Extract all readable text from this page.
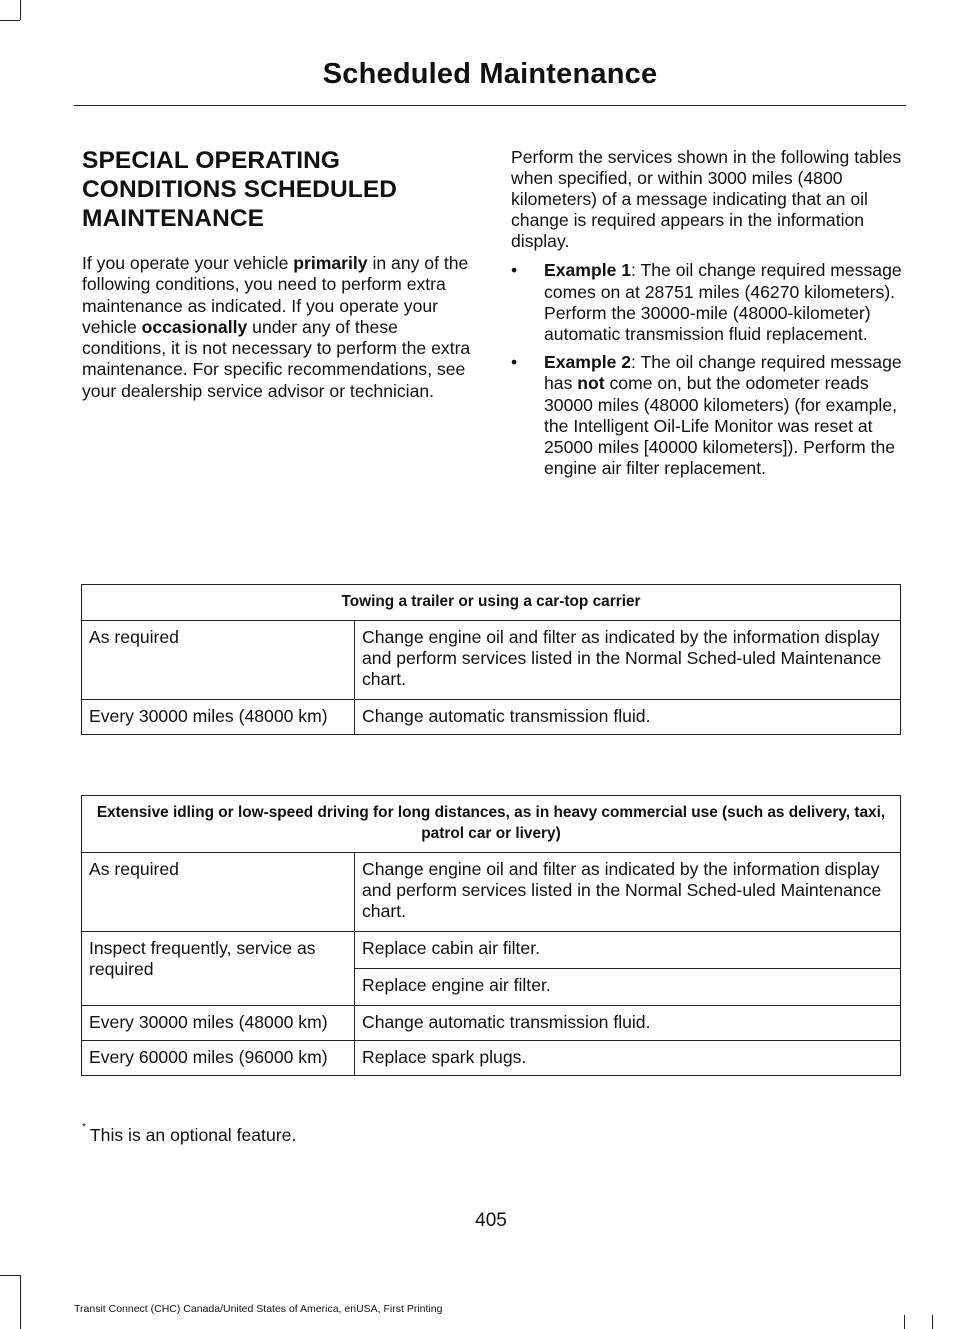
Scheduled Maintenance
SPECIAL OPERATING CONDITIONS SCHEDULED MAINTENANCE

If you operate your vehicle primarily in any of the following conditions, you need to perform extra maintenance as indicated. If you operate your vehicle occasionally under any of these conditions, it is not necessary to perform the extra maintenance. For specific recommendations, see your dealership service advisor or technician.

Perform the services shown in the following tables when specified, or within 3000 miles (4800 kilometers) of a message indicating that an oil change is required appears in the information display.

• Example 1: The oil change required message comes on at 28751 miles (46270 kilometers). Perform the 30000-mile (48000-kilometer) automatic transmission fluid replacement.
• Example 2: The oil change required message has not come on, but the odometer reads 30000 miles (48000 kilometers) (for example, the Intelligent Oil-Life Monitor was reset at 25000 miles [40000 kilometers]). Perform the engine air filter replacement.
Towing a trailer or using a car-top carrier	
As required	Change engine oil and filter as indicated by the information display and perform services listed in the Normal Sched-uled Maintenance chart.
Every 30000 miles (48000 km)	Change automatic transmission fluid.
Extensive idling or low-speed driving for long distances, as in heavy commercial use (such as delivery, taxi, patrol car or livery)	
As required	Change engine oil and filter as indicated by the information display and perform services listed in the Normal Sched-uled Maintenance chart.
Inspect frequently, service as required	Replace cabin air filter.
	Replace engine air filter.
Every 30000 miles (48000 km)	Change automatic transmission fluid.
Every 60000 miles (96000 km)	Replace spark plugs.

* This is an optional feature.

405

Transit Connect (CHC) Canada/United States of America, enUSA, First Printing
